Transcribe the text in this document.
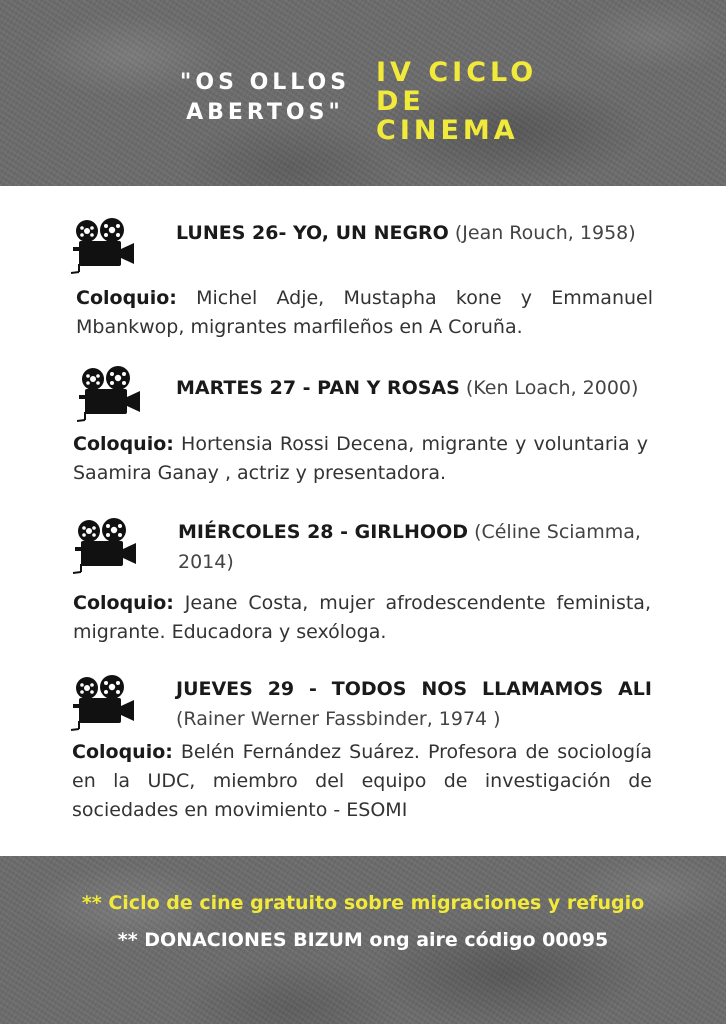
"OS OLLOS
ABERTOS"
IV CICLO
DE
CINEMA
LUNES 26- YO, UN NEGRO (Jean Rouch, 1958)
Coloquio: Michel Adje, Mustapha kone y Emmanuel Mbankwop, migrantes marfileños en A Coruña.
MARTES 27 - PAN Y ROSAS (Ken Loach, 2000)
Coloquio: Hortensia Rossi Decena, migrante y voluntaria y Saamira Ganay , actriz y presentadora.
MIÉRCOLES 28 - GIRLHOOD (Céline Sciamma, 2014)
Coloquio: Jeane Costa, mujer afrodescendente feminista, migrante. Educadora y sexóloga.
JUEVES 29 - TODOS NOS LLAMAMOS ALI (Rainer Werner Fassbinder, 1974 )
Coloquio: Belén Fernández Suárez. Profesora de sociología en la UDC, miembro del equipo de investigación de sociedades en movimiento - ESOMI
** Ciclo de cine gratuito sobre migraciones y refugio
** DONACIONES BIZUM ong aire código 00095
